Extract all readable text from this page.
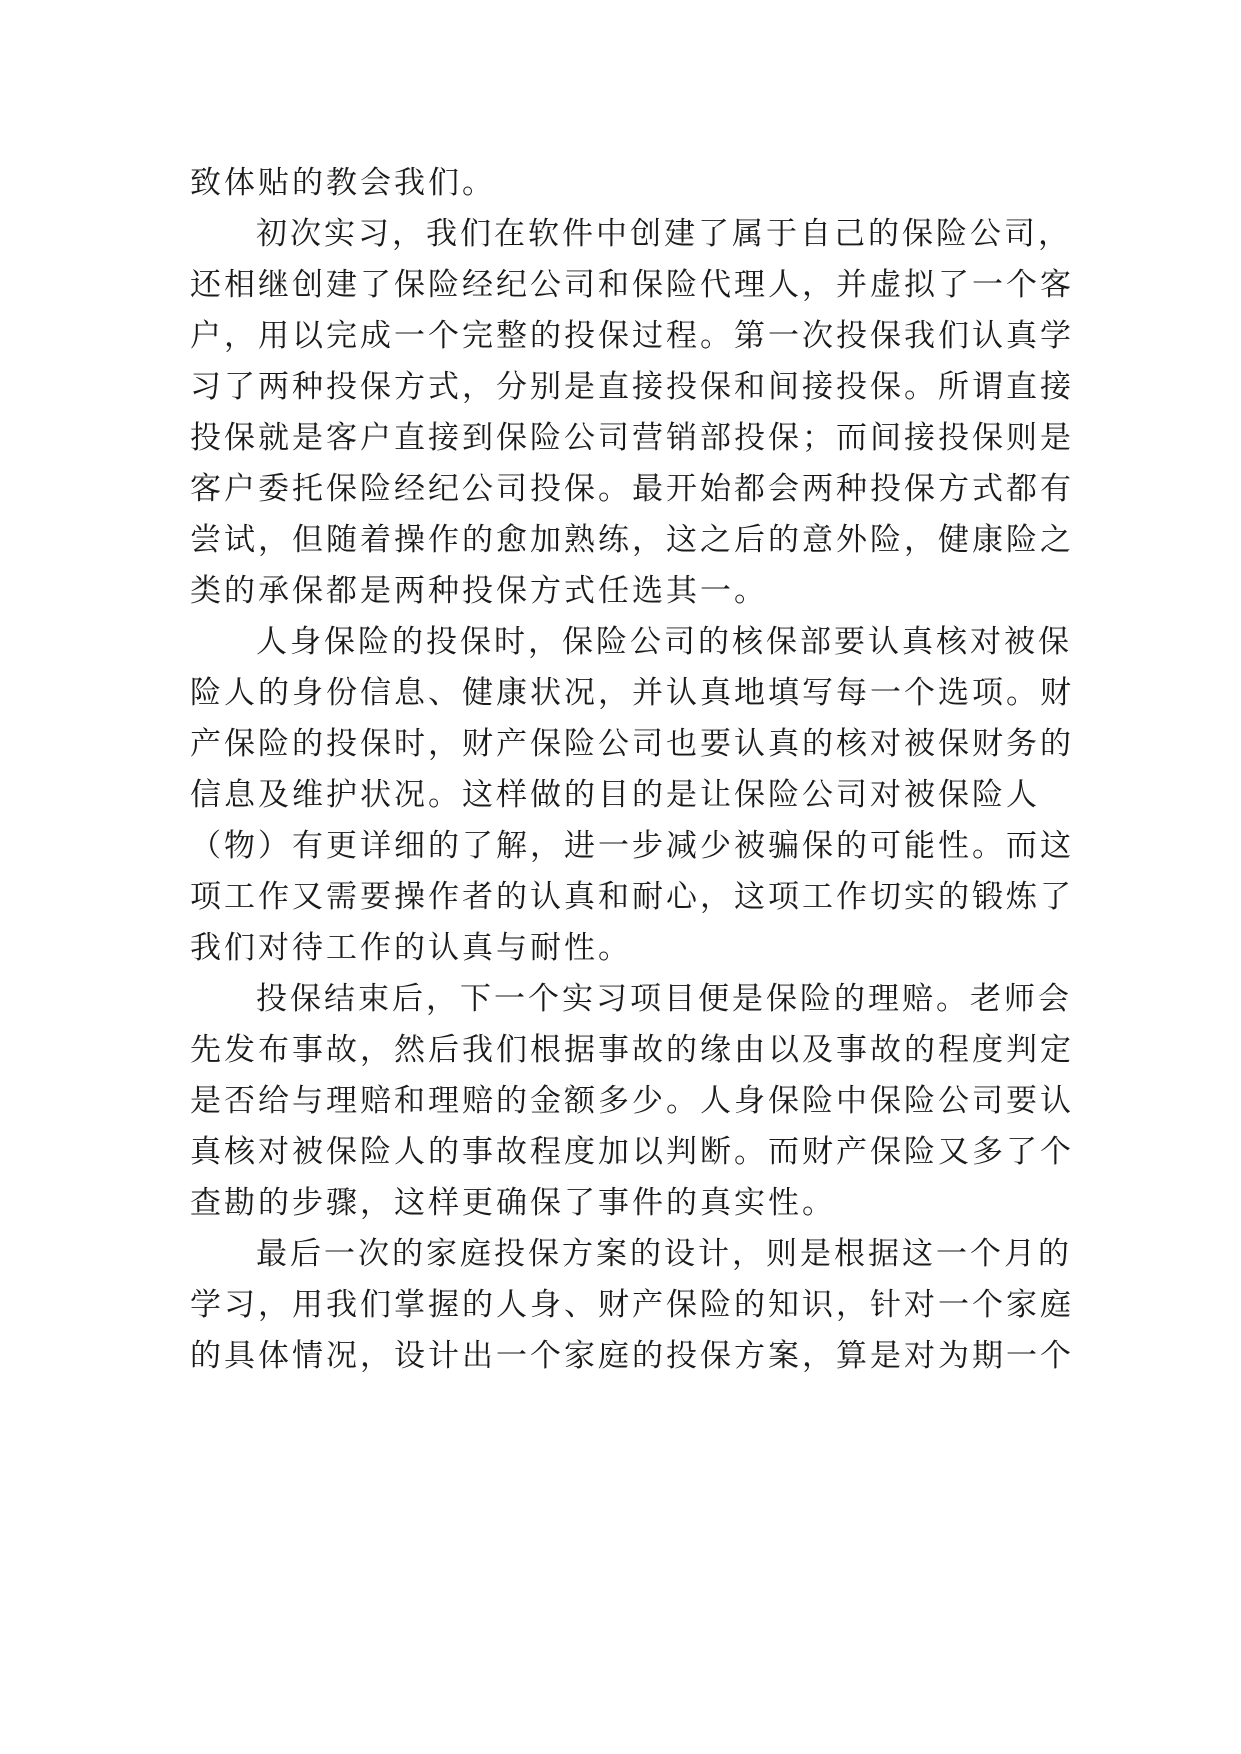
致体贴的教会我们。
初次实习，我们在软件中创建了属于自己的保险公司，
还相继创建了保险经纪公司和保险代理人，并虚拟了一个客
户，用以完成一个完整的投保过程。第一次投保我们认真学
习了两种投保方式，分别是直接投保和间接投保。所谓直接
投保就是客户直接到保险公司营销部投保；而间接投保则是
客户委托保险经纪公司投保。最开始都会两种投保方式都有
尝试，但随着操作的愈加熟练，这之后的意外险，健康险之
类的承保都是两种投保方式任选其一。
人身保险的投保时，保险公司的核保部要认真核对被保
险人的身份信息、健康状况，并认真地填写每一个选项。财
产保险的投保时，财产保险公司也要认真的核对被保财务的
信息及维护状况。这样做的目的是让保险公司对被保险人
（物）有更详细的了解，进一步减少被骗保的可能性。而这
项工作又需要操作者的认真和耐心，这项工作切实的锻炼了
我们对待工作的认真与耐性。
投保结束后，下一个实习项目便是保险的理赔。老师会
先发布事故，然后我们根据事故的缘由以及事故的程度判定
是否给与理赔和理赔的金额多少。人身保险中保险公司要认
真核对被保险人的事故程度加以判断。而财产保险又多了个
查勘的步骤，这样更确保了事件的真实性。
最后一次的家庭投保方案的设计，则是根据这一个月的
学习，用我们掌握的人身、财产保险的知识，针对一个家庭
的具体情况，设计出一个家庭的投保方案，算是对为期一个
